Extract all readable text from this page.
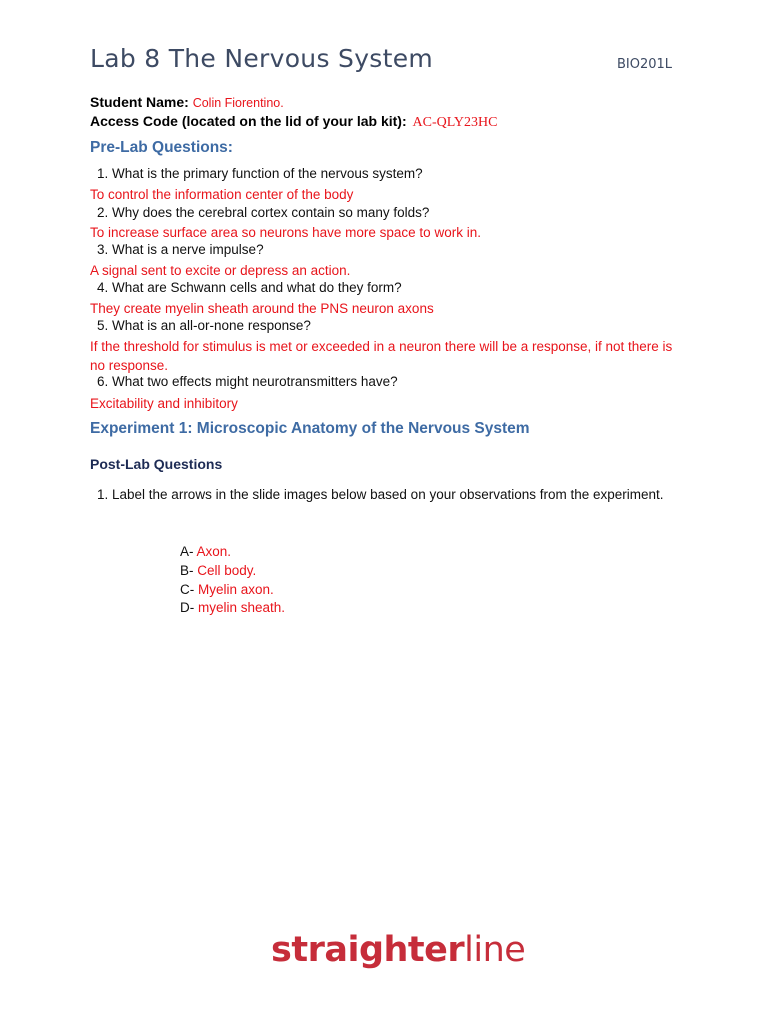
Lab 8 The Nervous System	BIO201L
Student Name: Colin Fiorentino.
Access Code (located on the lid of your lab kit): AC-QLY23HC
Pre-Lab Questions:
1. What is the primary function of the nervous system?
To control the information center of the body
2. Why does the cerebral cortex contain so many folds?
To increase surface area so neurons have more space to work in.
3. What is a nerve impulse?
A signal sent to excite or depress an action.
4. What are Schwann cells and what do they form?
They create myelin sheath around the PNS neuron axons
5. What is an all-or-none response?
If the threshold for stimulus is met or exceeded in a neuron there will be a response, if not there is no response.
6. What two effects might neurotransmitters have?
Excitability and inhibitory
Experiment 1: Microscopic Anatomy of the Nervous System
Post-Lab Questions
1. Label the arrows in the slide images below based on your observations from the experiment.
A- Axon.
B- Cell body.
C- Myelin axon.
D- myelin sheath.
straighterline
